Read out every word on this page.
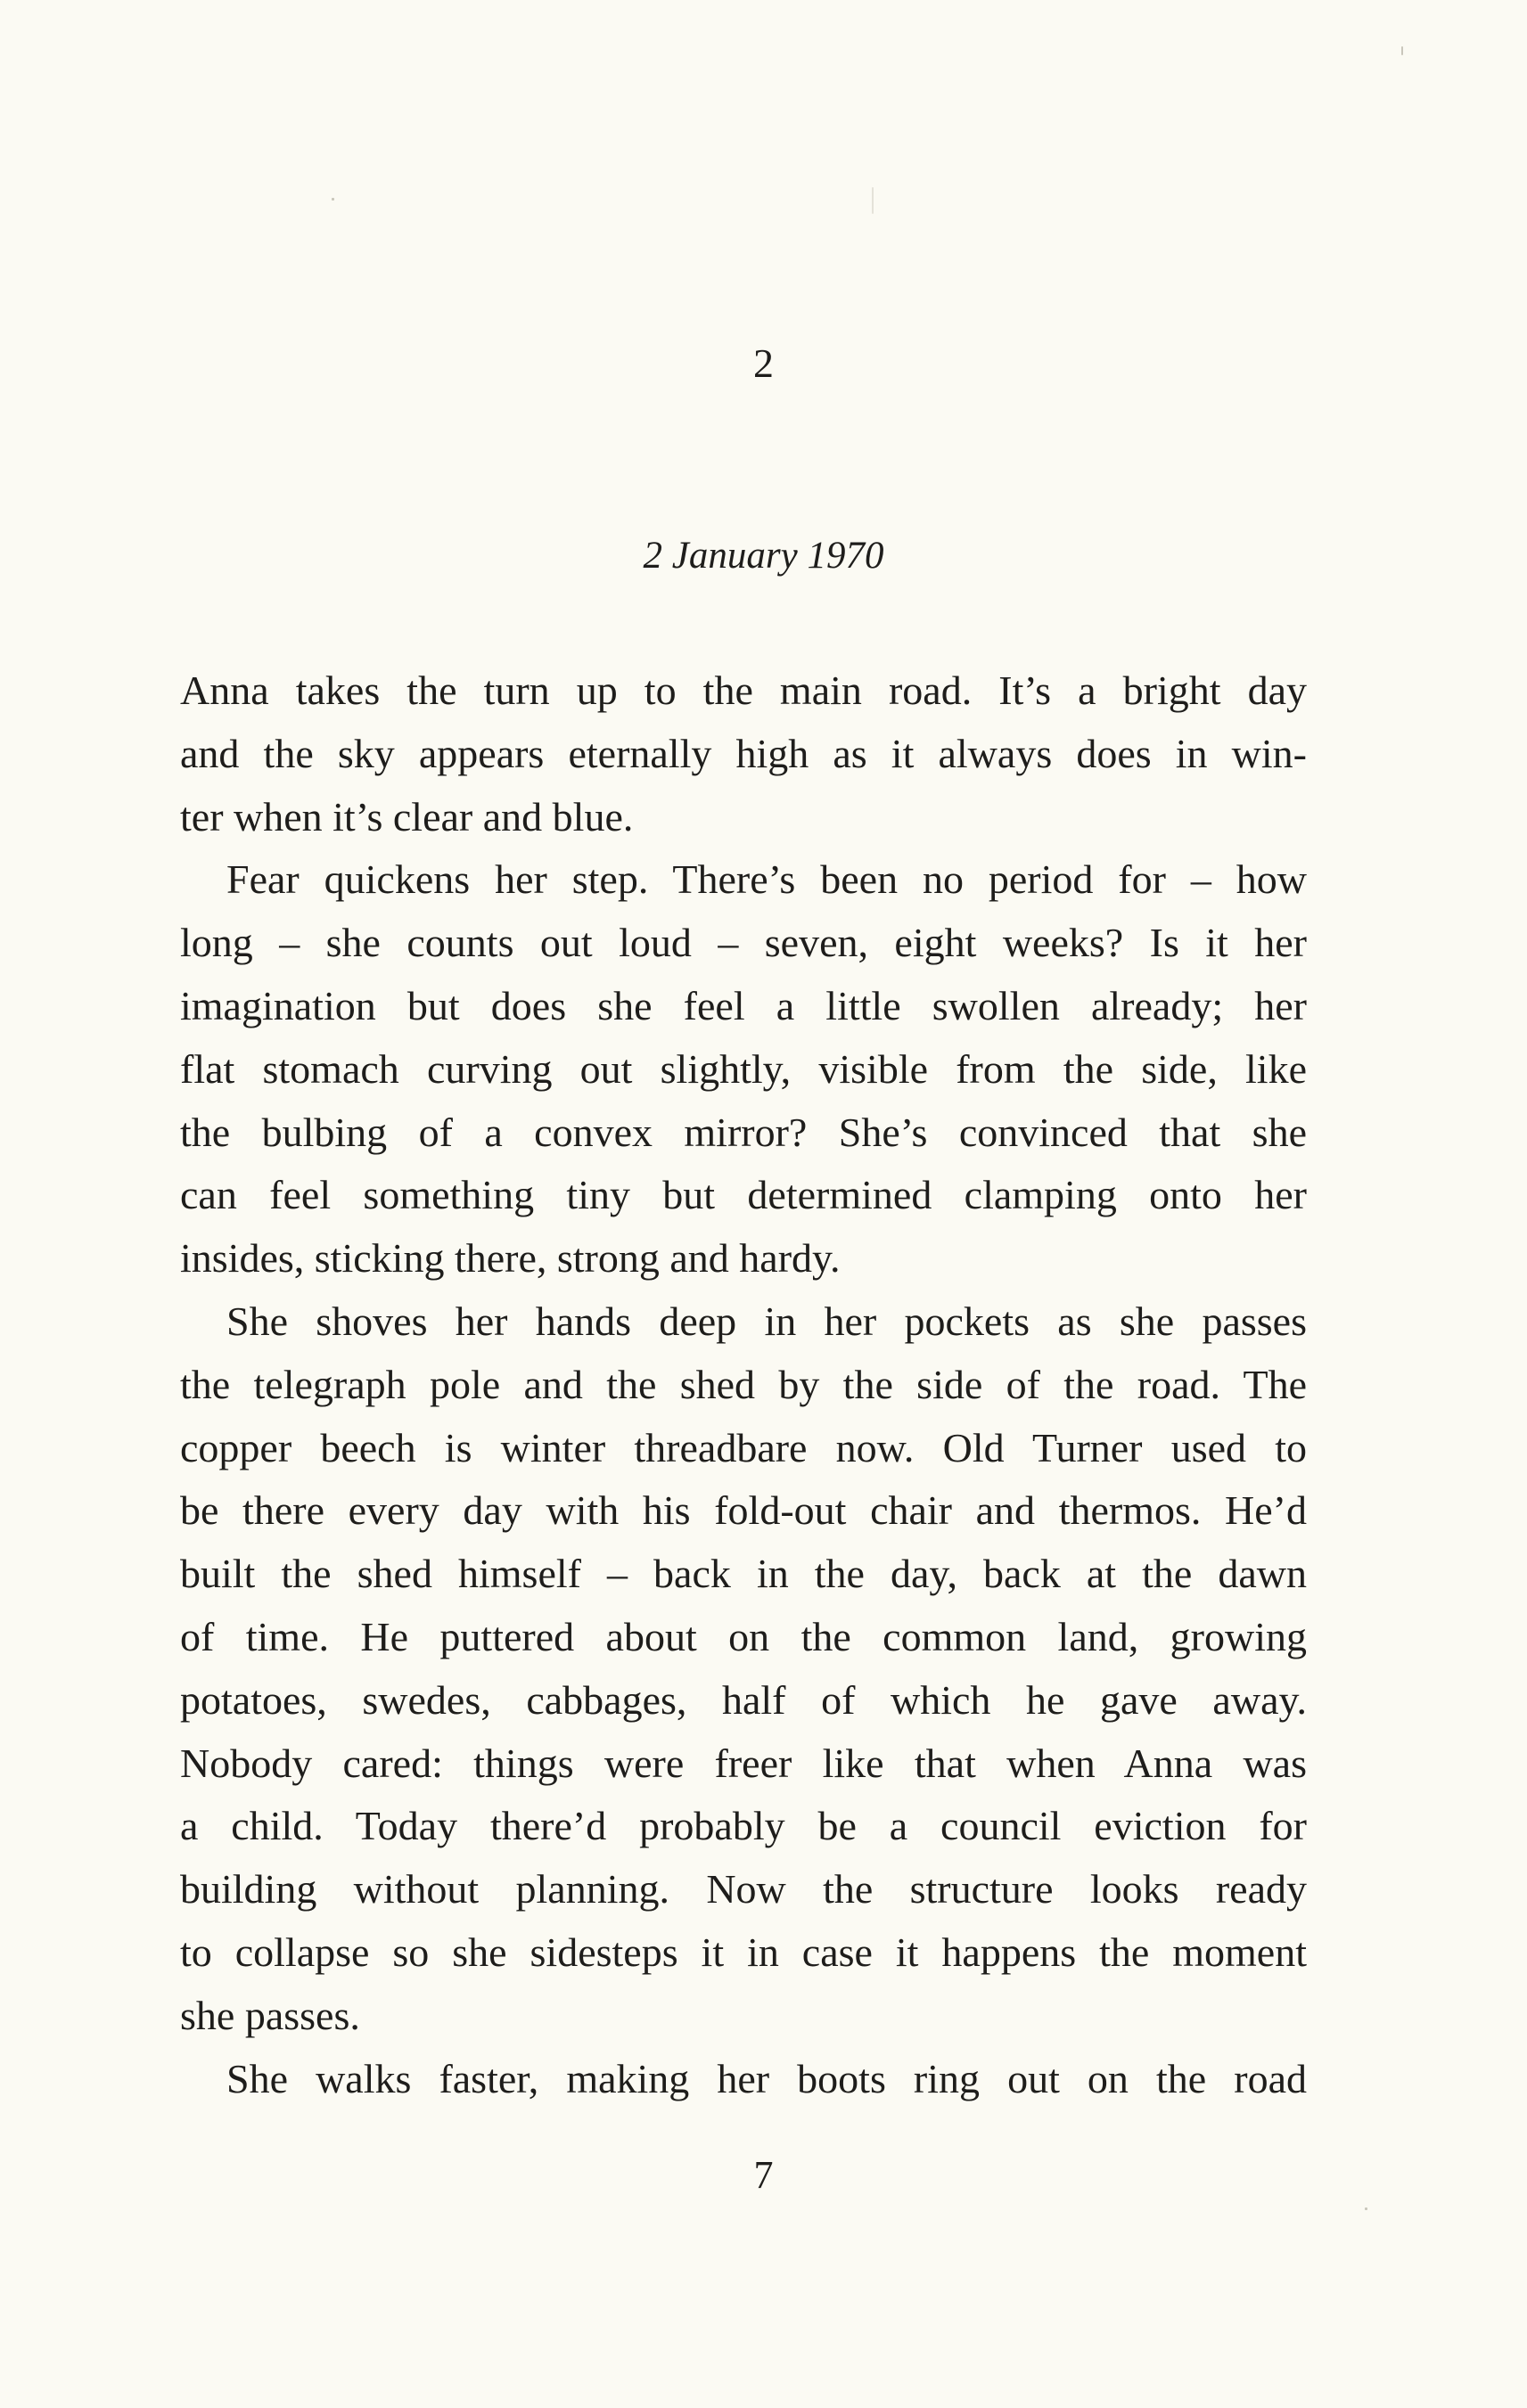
2
2 January 1970
Anna takes the turn up to the main road. It’s a bright day
and the sky appears eternally high as it always does in win-
ter when it’s clear and blue.
Fear quickens her step. There’s been no period for – how
long – she counts out loud – seven, eight weeks? Is it her
imagination but does she feel a little swollen already; her
flat stomach curving out slightly, visible from the side, like
the bulbing of a convex mirror? She’s convinced that she
can feel something tiny but determined clamping onto her
insides, sticking there, strong and hardy.
She shoves her hands deep in her pockets as she passes
the telegraph pole and the shed by the side of the road. The
copper beech is winter threadbare now. Old Turner used to
be there every day with his fold-out chair and thermos. He’d
built the shed himself – back in the day, back at the dawn
of time. He puttered about on the common land, growing
potatoes, swedes, cabbages, half of which he gave away.
Nobody cared: things were freer like that when Anna was
a child. Today there’d probably be a council eviction for
building without planning. Now the structure looks ready
to collapse so she sidesteps it in case it happens the moment
she passes.
She walks faster, making her boots ring out on the road
7
